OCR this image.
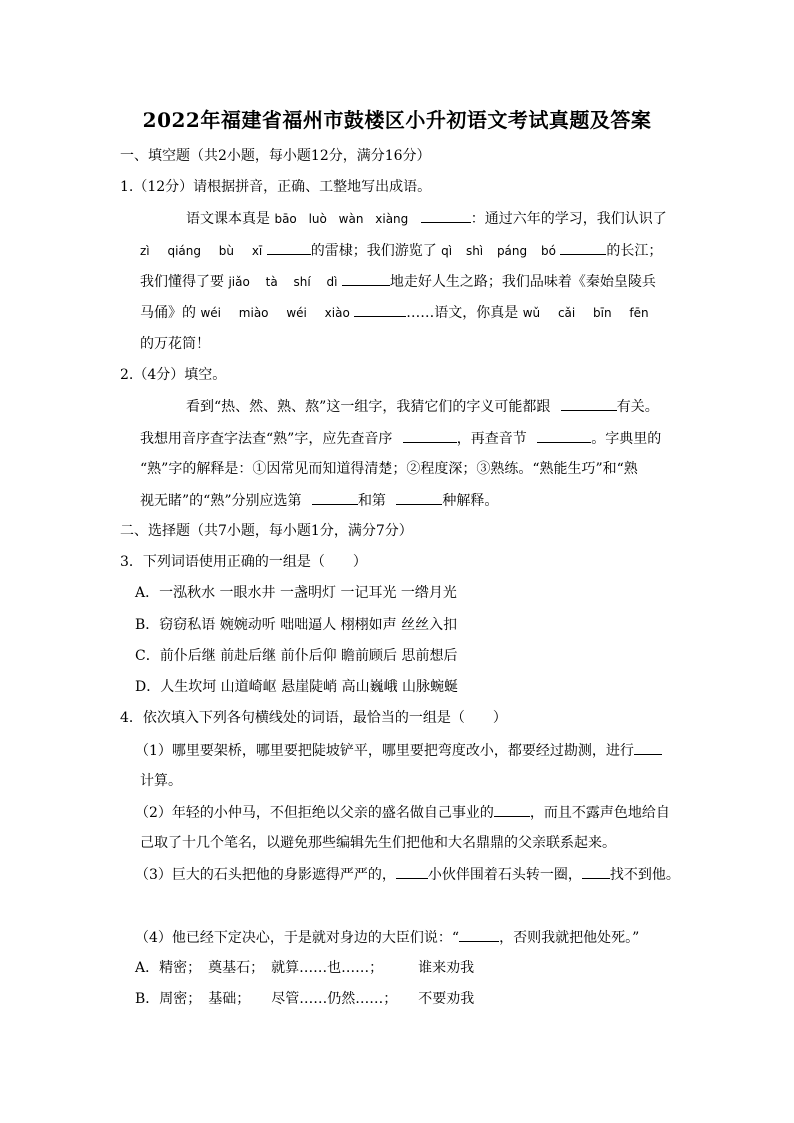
2022年福建省福州市鼓楼区小升初语文考试真题及答案
一、填空题（共2小题，每小题12分，满分16分）
1.（12分）请根据拼音，正确、工整地写出成语。
语文课本真是 bāo luò wàn xiàng	：通过六年的学习，我们认识了
zì qiáng bù xī	的雷棣；我们游览了 qì shì páng bó	的长江；
我们懂得了要 jiǎo tà shí dì	地走好人生之路；我们品味着《秦始皇陵兵
马俑》的 wéi miào wéi xiào	……语文，你真是 wǔ cǎi bīn fēn
的万花筒！
2.（4分）填空。
看到“热、然、熟、熬”这一组字，我猜它们的字义可能都跟	有关。
我想用音序查字法查“熟”字，应先查音序	，再查音节	。字典里的
“熟”字的解释是：①因常见而知道得清楚；②程度深；③熟练。“熟能生巧”和“熟
视无睹”的“熟”分别应选第	和第	种解释。
二、选择题（共7小题，每小题1分，满分7分）
3．下列词语使用正确的一组是（　　）
A．一泓秋水 一眼水井 一盏明灯 一记耳光 一绺月光
B．窃窃私语 婉婉动听 咄咄逼人 栩栩如声 丝丝入扣
C．前仆后继 前赴后继 前仆后仰 瞻前顾后 思前想后
D．人生坎坷 山道崎岖 悬崖陡峭 高山巍峨 山脉蜿蜒
4．依次填入下列各句横线处的词语，最恰当的一组是（　　）
（1）哪里要架桥，哪里要把陡坡铲平，哪里要把弯度改小，都要经过勘测，进行
计算。
（2）年轻的小仲马，不但拒绝以父亲的盛名做自己事业的	，而且不露声色地给自
己取了十几个笔名，以避免那些编辑先生们把他和大名鼎鼎的父亲联系起来。
（3）巨大的石头把他的身影遮得严严的， 小伙伴围着石头转一圈， 找不到他。
（4）他已经下定决心，于是就对身边的大臣们说：“	，否则我就把他处死。”
A．精密；　奠基石；　就算……也……；　　　谁来劝我
B．周密；　基础；　　尽管……仍然……；　　不要劝我
